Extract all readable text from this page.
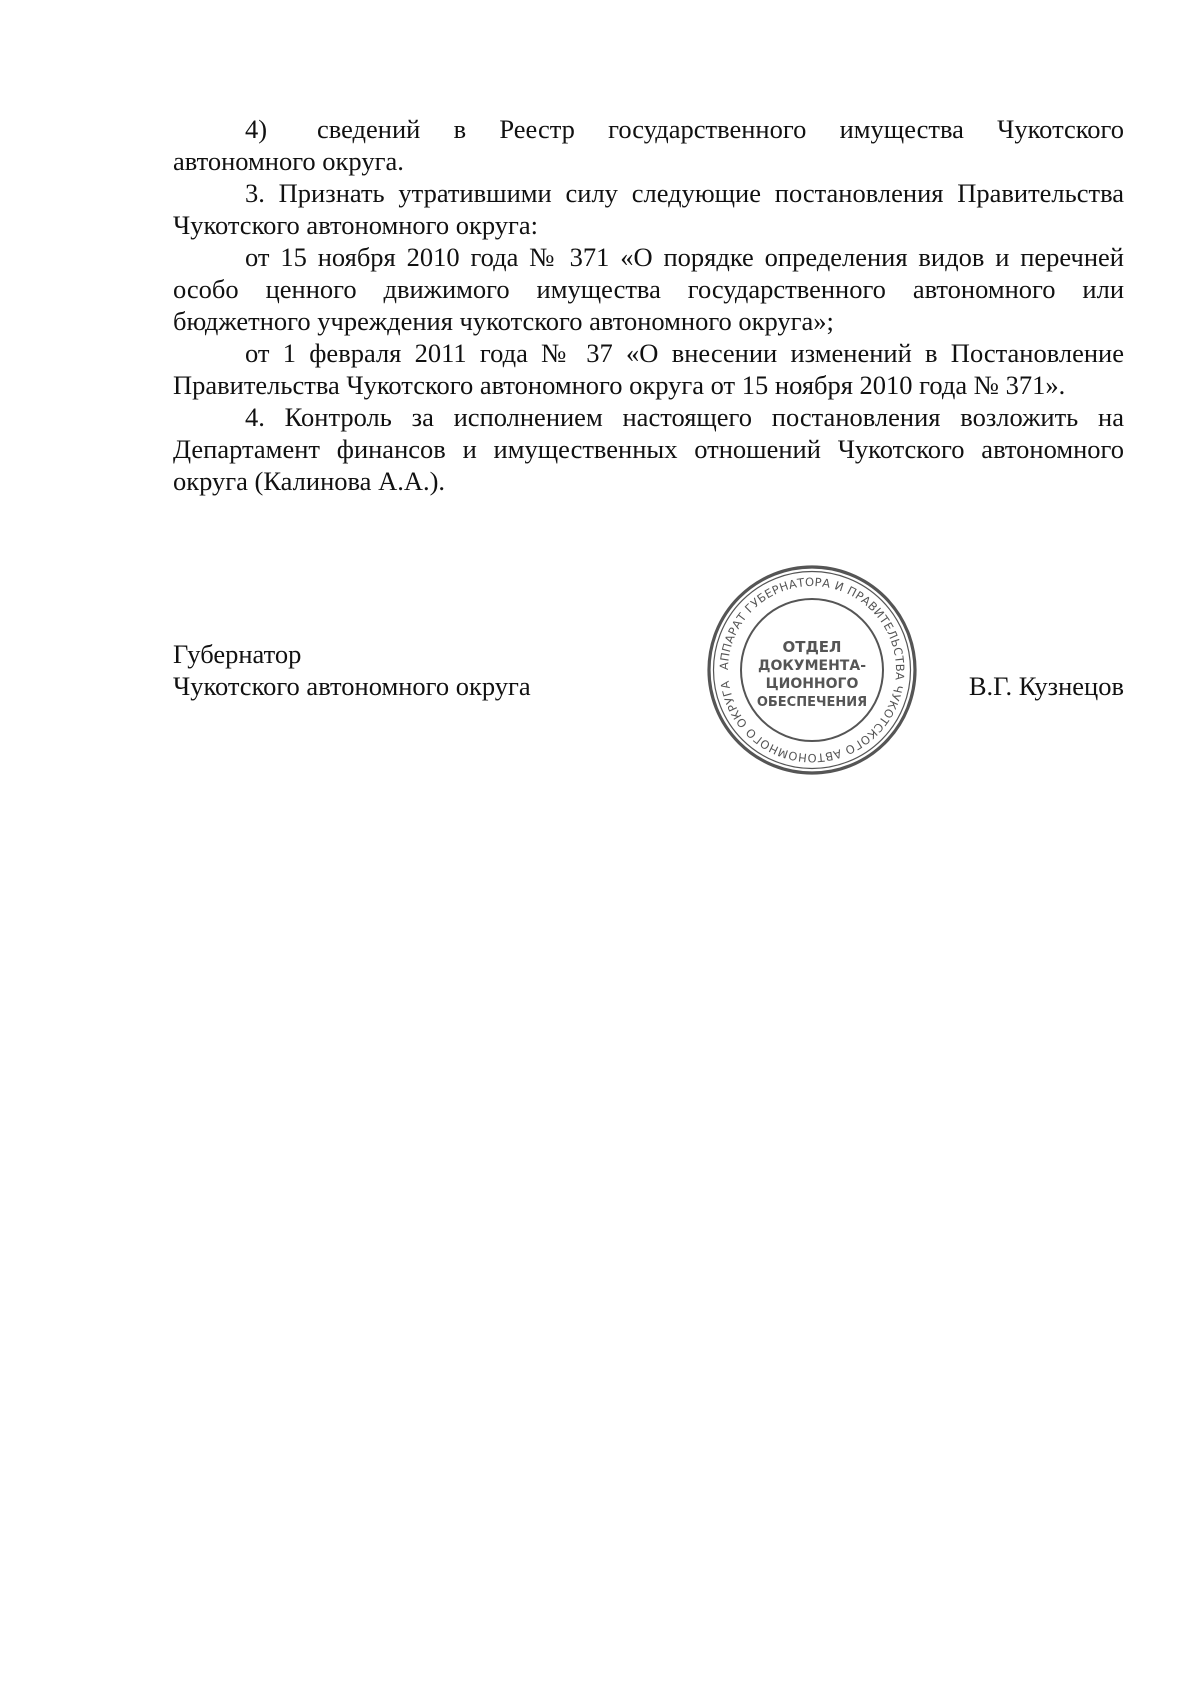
4) сведений в Реестр государственного имущества Чукотского автономного округа.

3. Признать утратившими силу следующие постановления Правительства Чукотского автономного округа:

от 15 ноября 2010 года № 371 «О порядке определения видов и перечней особо ценного движимого имущества государственного автономного или бюджетного учреждения чукотского автономного округа»;

от 1 февраля 2011 года № 37 «О внесении изменений в Постановление Правительства Чукотского автономного округа от 15 ноября 2010 года № 371».

4. Контроль за исполнением настоящего постановления возложить на Департамент финансов и имущественных отношений Чукотского автономного округа (Калинова А.А.).

АППАРАТ ГУБЕРНАТОРА И ПРАВИТЕЛЬСТВА ЧУКОТСКОГО АВТОНОМНОГО ОКРУГА
ОТДЕЛ
ДОКУМЕНТА-
ЦИОННОГО
ОБЕСПЕЧЕНИЯ

Губернатор

Чукотского автономного округа	В.Г. Кузнецов
